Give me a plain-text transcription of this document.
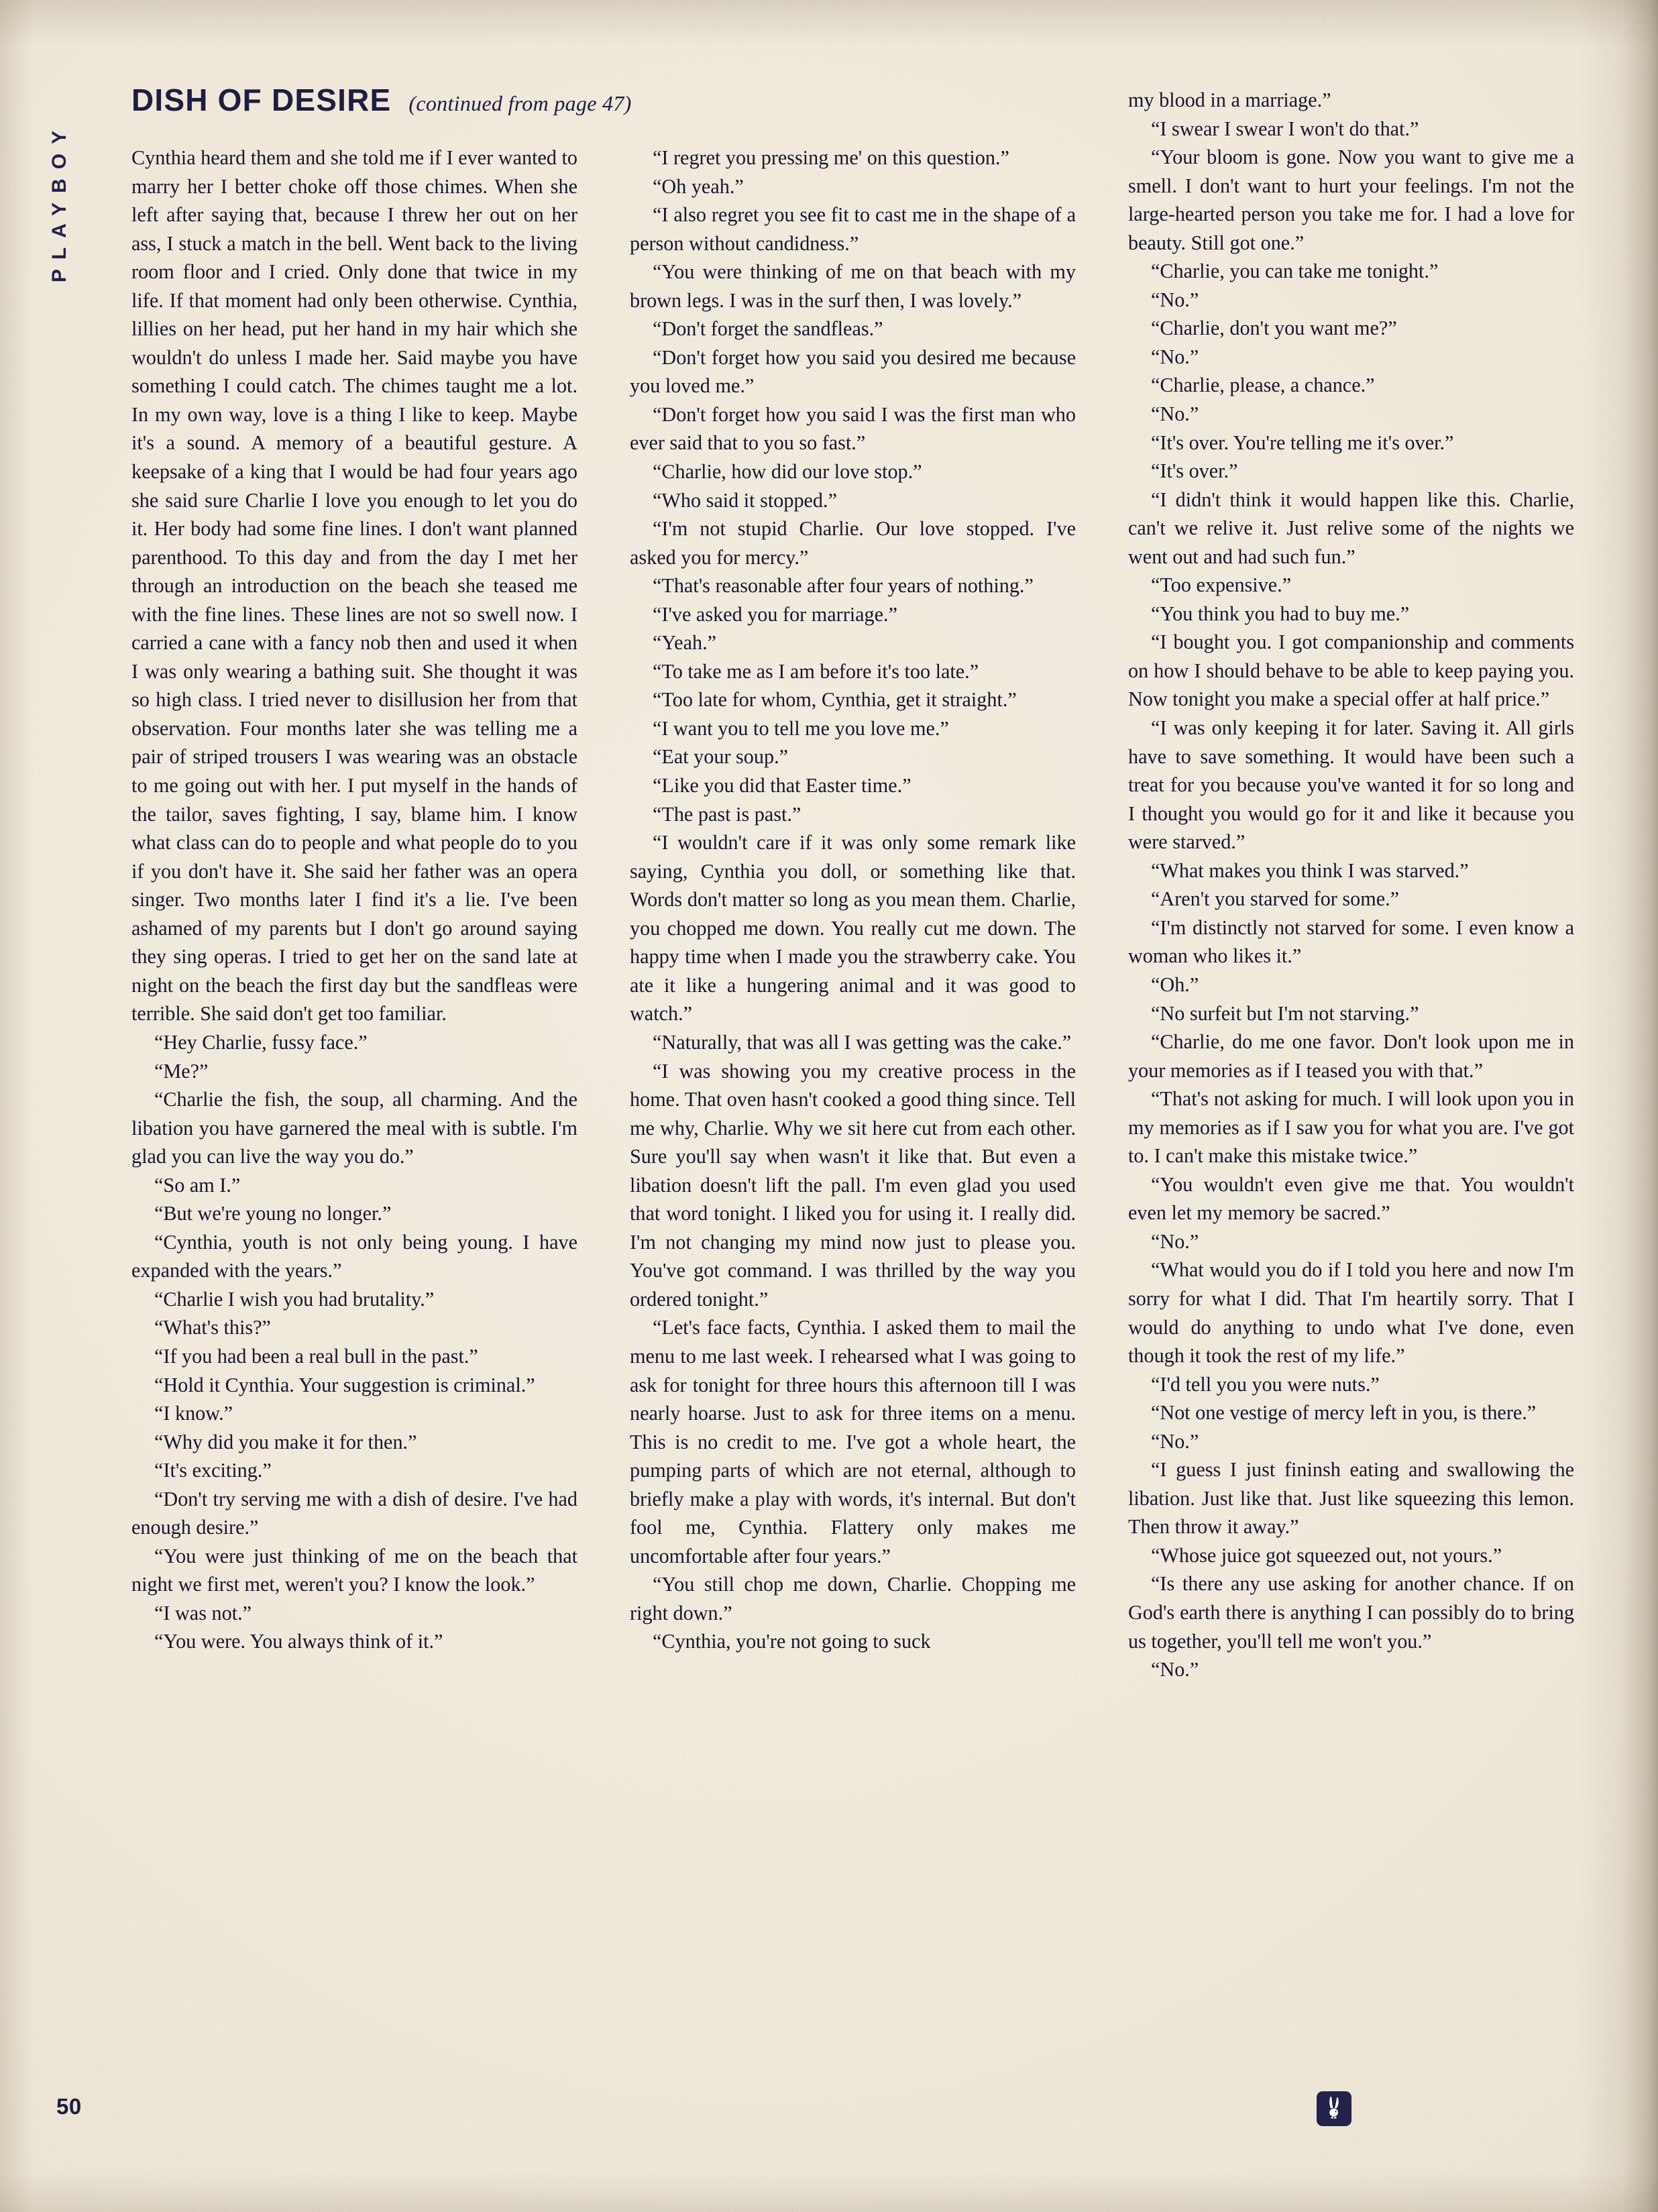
PLAYBOY
DISH OF DESIRE (continued from page 47)

Cynthia heard them and she told me if I ever wanted to marry her I better choke off those chimes. When she left after saying that, because I threw her out on her ass, I stuck a match in the bell. Went back to the living room floor and I cried. Only done that twice in my life. If that moment had only been otherwise. Cynthia, lillies on her head, put her hand in my hair which she wouldn't do unless I made her. Said maybe you have something I could catch. The chimes taught me a lot. In my own way, love is a thing I like to keep. Maybe it's a sound. A memory of a beautiful gesture. A keepsake of a king that I would be had four years ago she said sure Charlie I love you enough to let you do it. Her body had some fine lines. I don't want planned parenthood. To this day and from the day I met her through an introduction on the beach she teased me with the fine lines. These lines are not so swell now. I carried a cane with a fancy nob then and used it when I was only wearing a bathing suit. She thought it was so high class. I tried never to disillusion her from that observation. Four months later she was telling me a pair of striped trousers I was wearing was an obstacle to me going out with her. I put myself in the hands of the tailor, saves fighting, I say, blame him. I know what class can do to people and what people do to you if you don't have it. She said her father was an opera singer. Two months later I find it's a lie. I've been ashamed of my parents but I don't go around saying they sing operas. I tried to get her on the sand late at night on the beach the first day but the sandfleas were terrible. She said don't get too familiar.

“Hey Charlie, fussy face.”

“Me?”

“Charlie the fish, the soup, all charming. And the libation you have garnered the meal with is subtle. I'm glad you can live the way you do.”

“So am I.”

“But we're young no longer.”

“Cynthia, youth is not only being young. I have expanded with the years.”

“Charlie I wish you had brutality.”

“What's this?”

“If you had been a real bull in the past.”

“Hold it Cynthia. Your suggestion is criminal.”

“I know.”

“Why did you make it for then.”

“It's exciting.”

“Don't try serving me with a dish of desire. I've had enough desire.”

“You were just thinking of me on the beach that night we first met, weren't you? I know the look.”

“I was not.”

“You were. You always think of it.”

“I regret you pressing me' on this question.”

“Oh yeah.”

“I also regret you see fit to cast me in the shape of a person without candidness.”

“You were thinking of me on that beach with my brown legs. I was in the surf then, I was lovely.”

“Don't forget the sandfleas.”

“Don't forget how you said you desired me because you loved me.”

“Don't forget how you said I was the first man who ever said that to you so fast.”

“Charlie, how did our love stop.”

“Who said it stopped.”

“I'm not stupid Charlie. Our love stopped. I've asked you for mercy.”

“That's reasonable after four years of nothing.”

“I've asked you for marriage.”

“Yeah.”

“To take me as I am before it's too late.”

“Too late for whom, Cynthia, get it straight.”

“I want you to tell me you love me.”

“Eat your soup.”

“Like you did that Easter time.”

“The past is past.”

“I wouldn't care if it was only some remark like saying, Cynthia you doll, or something like that. Words don't matter so long as you mean them. Charlie, you chopped me down. You really cut me down. The happy time when I made you the strawberry cake. You ate it like a hungering animal and it was good to watch.”

“Naturally, that was all I was getting was the cake.”

“I was showing you my creative process in the home. That oven hasn't cooked a good thing since. Tell me why, Charlie. Why we sit here cut from each other. Sure you'll say when wasn't it like that. But even a libation doesn't lift the pall. I'm even glad you used that word tonight. I liked you for using it. I really did. I'm not changing my mind now just to please you. You've got command. I was thrilled by the way you ordered tonight.”

“Let's face facts, Cynthia. I asked them to mail the menu to me last week. I rehearsed what I was going to ask for tonight for three hours this afternoon till I was nearly hoarse. Just to ask for three items on a menu. This is no credit to me. I've got a whole heart, the pumping parts of which are not eternal, although to briefly make a play with words, it's internal. But don't fool me, Cynthia. Flattery only makes me uncomfortable after four years.”

“You still chop me down, Charlie. Chopping me right down.”

“Cynthia, you're not going to suck

my blood in a marriage.”

“I swear I swear I won't do that.”

“Your bloom is gone. Now you want to give me a smell. I don't want to hurt your feelings. I'm not the large-hearted person you take me for. I had a love for beauty. Still got one.”

“Charlie, you can take me tonight.”

“No.”

“Charlie, don't you want me?”

“No.”

“Charlie, please, a chance.”

“No.”

“It's over. You're telling me it's over.”

“It's over.”

“I didn't think it would happen like this. Charlie, can't we relive it. Just relive some of the nights we went out and had such fun.”

“Too expensive.”

“You think you had to buy me.”

“I bought you. I got companionship and comments on how I should behave to be able to keep paying you. Now tonight you make a special offer at half price.”

“I was only keeping it for later. Saving it. All girls have to save something. It would have been such a treat for you because you've wanted it for so long and I thought you would go for it and like it because you were starved.”

“What makes you think I was starved.”

“Aren't you starved for some.”

“I'm distinctly not starved for some. I even know a woman who likes it.”

“Oh.”

“No surfeit but I'm not starving.”

“Charlie, do me one favor. Don't look upon me in your memories as if I teased you with that.”

“That's not asking for much. I will look upon you in my memories as if I saw you for what you are. I've got to. I can't make this mistake twice.”

“You wouldn't even give me that. You wouldn't even let my memory be sacred.”

“No.”

“What would you do if I told you here and now I'm sorry for what I did. That I'm heartily sorry. That I would do anything to undo what I've done, even though it took the rest of my life.”

“I'd tell you you were nuts.”

“Not one vestige of mercy left in you, is there.”

“No.”

“I guess I just fininsh eating and swallowing the libation. Just like that. Just like squeezing this lemon. Then throw it away.”

“Whose juice got squeezed out, not yours.”

“Is there any use asking for another chance. If on God's earth there is anything I can possibly do to bring us together, you'll tell me won't you.”

“No.”

50
